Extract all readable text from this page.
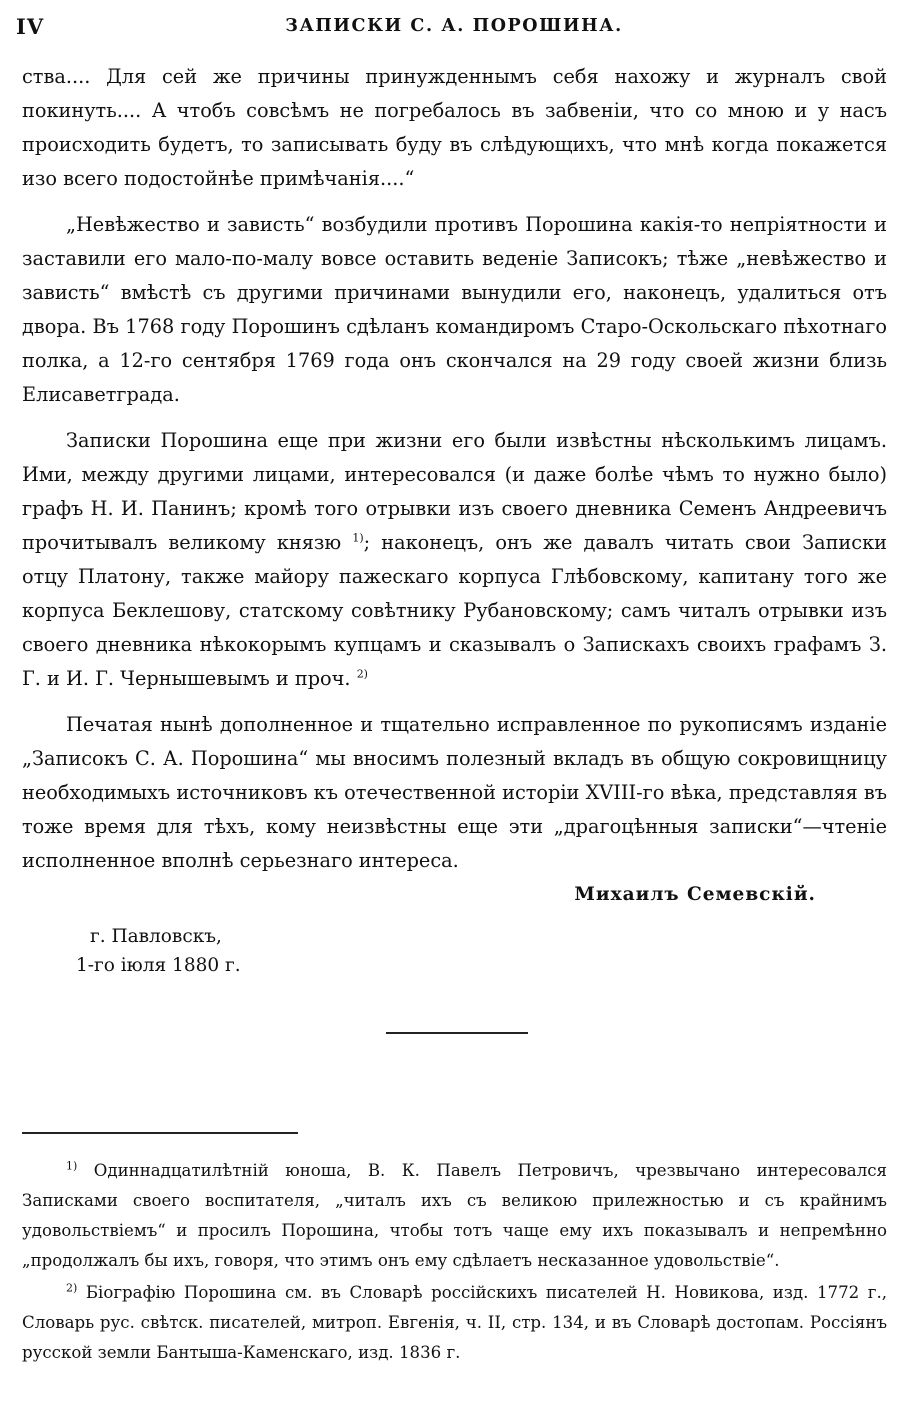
IV	ЗАПИСКИ С. А. ПОРОШИНА.

ства.... Для сей же причины принужденнымъ себя нахожу и журналъ свой покинуть.... А чтобъ совсѣмъ не погребалось въ забвеніи, что со мною и у насъ происходить будетъ, то записывать буду въ слѣдующихъ, что мнѣ когда покажется изо всего подостойнѣе примѣчанія....“

„Невѣжество и зависть“ возбудили противъ Порошина какія-то непріятности и заставили его мало-по-малу вовсе оставить веденіе Записокъ; тѣже „невѣжество и зависть“ вмѣстѣ съ другими причинами вынудили его, наконецъ, удалиться отъ двора. Въ 1768 году Порошинъ сдѣланъ командиромъ Старо-Оскольскаго пѣхотнаго полка, а 12-го сентября 1769 года онъ скончался на 29 году своей жизни близь Елисаветграда.

Записки Порошина еще при жизни его были извѣстны нѣсколькимъ лицамъ. Ими, между другими лицами, интересовался (и даже болѣе чѣмъ то нужно было) графъ Н. И. Панинъ; кромѣ того отрывки изъ своего дневника Семенъ Андреевичъ прочитывалъ великому князю $^{1)}$; наконецъ, онъ же давалъ читать свои Записки отцу Платону, также майору пажескаго корпуса Глѣбовскому, капитану того же корпуса Беклешову, статскому совѣтнику Рубановскому; самъ читалъ отрывки изъ своего дневника нѣкокорымъ купцамъ и сказывалъ о Запискахъ своихъ графамъ З. Г. и И. Г. Чернышевымъ и проч. $^{2)}$

Печатая нынѣ дополненное и тщательно исправленное по рукописямъ изданіе „Записокъ С. А. Порошина“ мы вносимъ полезный вкладъ въ общую сокровищницу необходимыхъ источниковъ къ отечественной исторіи XVIII-го вѣка, представляя въ тоже время для тѣхъ, кому неизвѣстны еще эти „драгоцѣнныя записки“—чтеніе исполненное вполнѣ серьезнаго интереса.

Михаилъ Семевскій.
г. Павловскъ,
1-го іюля 1880 г.

$^{1)}$ Одиннадцатилѣтній юноша, В. К. Павелъ Петровичъ, чрезвычано интересовался Записками своего воспитателя, „читалъ ихъ съ великою прилежностью и съ крайнимъ удовольствіемъ“ и просилъ Порошина, чтобы тотъ чаще ему ихъ показывалъ и непремѣнно „продолжалъ бы ихъ, говоря, что этимъ онъ ему сдѣлаетъ несказанное удовольствіе“.

$^{2)}$ Біографію Порошина см. въ Словарѣ россійскихъ писателей Н. Новикова, изд. 1772 г., Словарь рус. свѣтск. писателей, митроп. Евгенія, ч. II, стр. 134, и въ Словарѣ достопам. Россіянъ русской земли Бантыша-Каменскаго, изд. 1836 г.
